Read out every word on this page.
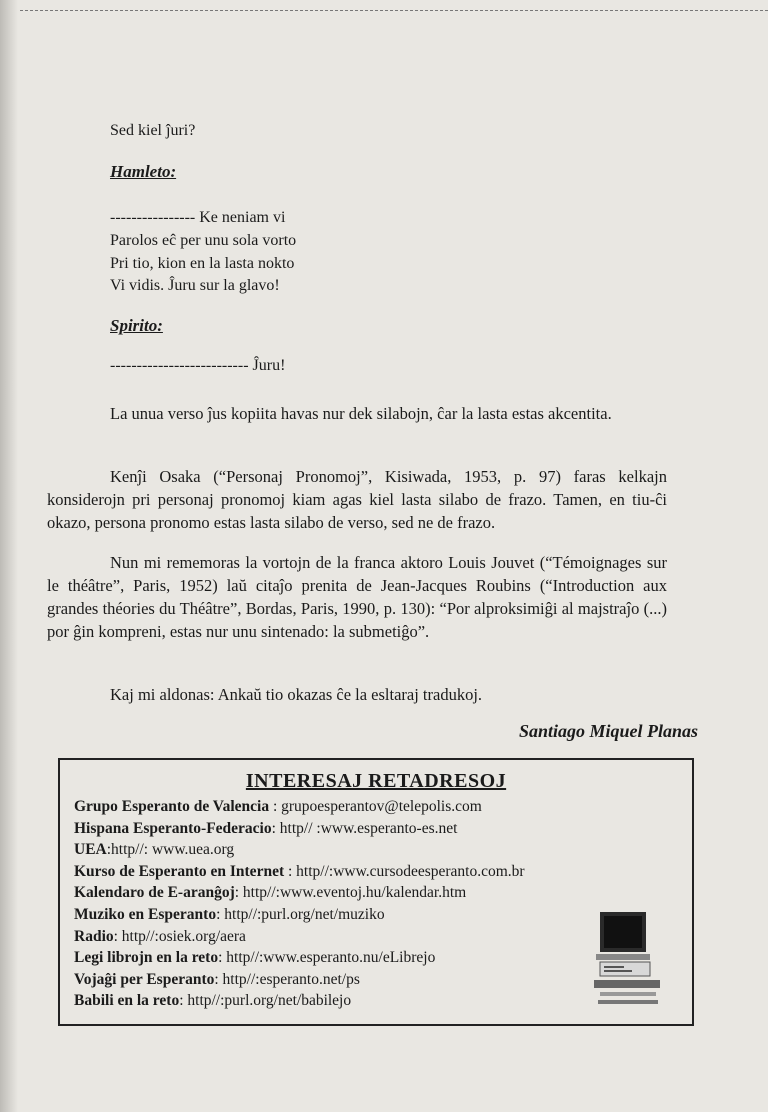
Sed kiel ĵuri?
Hamleto:
---------------- Ke neniam vi
Parolos eĉ per unu sola vorto
Pri tio, kion en la lasta nokto
Vi vidis. Ĵuru sur la glavo!
Spirito:
-------------------------- Ĵuru!
La unua verso ĵus kopiita havas nur dek silabojn, ĉar la lasta estas akcentita.
Kenĵi Osaka (“Personaj Pronomoj”, Kisiwada, 1953, p. 97) faras kelkajn konsiderojn pri personaj pronomoj kiam agas kiel lasta silabo de frazo. Tamen, en tiu-ĉi okazo, persona pronomo estas lasta silabo de verso, sed ne de frazo.
Nun mi rememoras la vortojn de la franca aktoro Louis Jouvet (“Témoignages sur le théâtre”, Paris, 1952) laŭ citaĵo prenita de Jean-Jacques Roubins (“Introduction aux grandes théories du Théâtre”, Bordas, Paris, 1990, p. 130): “Por alproksimiĝi al majstraĵo (...) por ĝin kompreni, estas nur unu sintenado: la submetiĝo”.
Kaj mi aldonas: Ankaŭ tio okazas ĉe la esltaraj tradukoj.
Santiago Miquel Planas
INTERESAJ RETADRESOJ
Grupo Esperanto de Valencia : grupoesperantov@telepolis.com
Hispana Esperanto-Federacio: http// :www.esperanto-es.net
UEA:http//: www.uea.org
Kurso de Esperanto en Internet : http//:www.cursodeesperanto.com.br
Kalendaro de E-aranĝoj: http//:www.eventoj.hu/kalendar.htm
Muziko en Esperanto: http//:purl.org/net/muziko
Radio: http//:osiek.org/aera
Legi librojn en la reto: http//:www.esperanto.nu/eLibrejo
Vojaĝi per Esperanto: http//:esperanto.net/ps
Babili en la reto: http//:purl.org/net/babilejo
